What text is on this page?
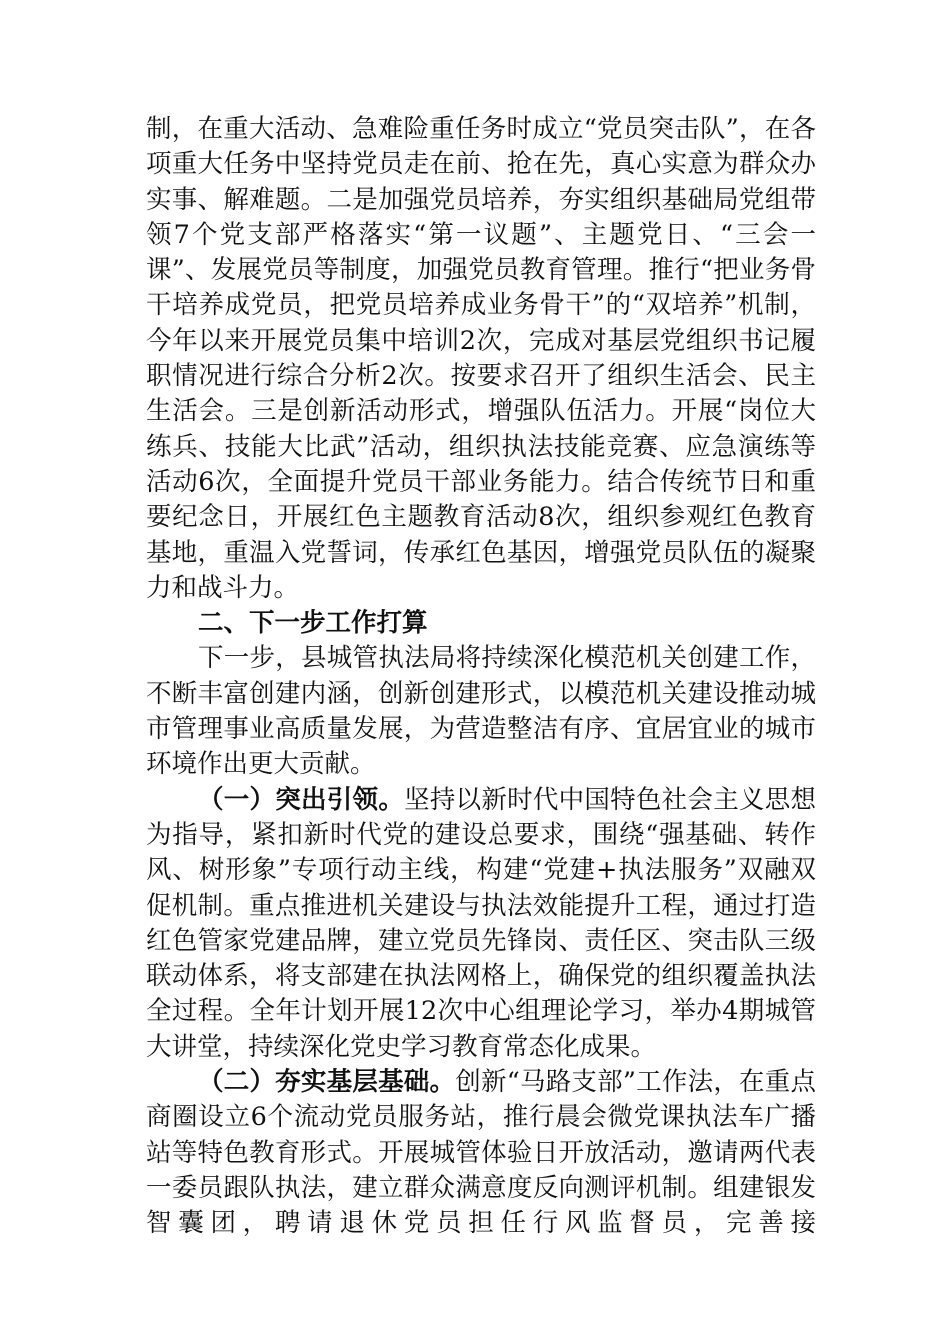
制，在重大活动、急难险重任务时成立“党员突击队”，在各项重大任务中坚持党员走在前、抢在先，真心实意为群众办实事、解难题。二是加强党员培养，夯实组织基础局党组带领7个党支部严格落实“第一议题”、主题党日、“三会一课”、发展党员等制度，加强党员教育管理。推行“把业务骨干培养成党员，把党员培养成业务骨干”的“双培养”机制，今年以来开展党员集中培训2次，完成对基层党组织书记履职情况进行综合分析2次。按要求召开了组织生活会、民主生活会。三是创新活动形式，增强队伍活力。开展“岗位大练兵、技能大比武”活动，组织执法技能竞赛、应急演练等活动6次，全面提升党员干部业务能力。结合传统节日和重要纪念日，开展红色主题教育活动8次，组织参观红色教育基地，重温入党誓词，传承红色基因，增强党员队伍的凝聚力和战斗力。

二、下一步工作打算

下一步，县城管执法局将持续深化模范机关创建工作，不断丰富创建内涵，创新创建形式，以模范机关建设推动城市管理事业高质量发展，为营造整洁有序、宜居宜业的城市环境作出更大贡献。

（一）突出引领。坚持以新时代中国特色社会主义思想为指导，紧扣新时代党的建设总要求，围绕“强基础、转作风、树形象”专项行动主线，构建“党建+执法服务”双融双促机制。重点推进机关建设与执法效能提升工程，通过打造红色管家党建品牌，建立党员先锋岗、责任区、突击队三级联动体系，将支部建在执法网格上，确保党的组织覆盖执法全过程。全年计划开展12次中心组理论学习，举办4期城管大讲堂，持续深化党史学习教育常态化成果。

（二）夯实基层基础。创新“马路支部”工作法，在重点商圈设立6个流动党员服务站，推行晨会微党课执法车广播站等特色教育形式。开展城管体验日开放活动，邀请两代表一委员跟队执法，建立群众满意度反向测评机制。组建银发智囊团，聘请退休党员担任行风监督员，完善接
